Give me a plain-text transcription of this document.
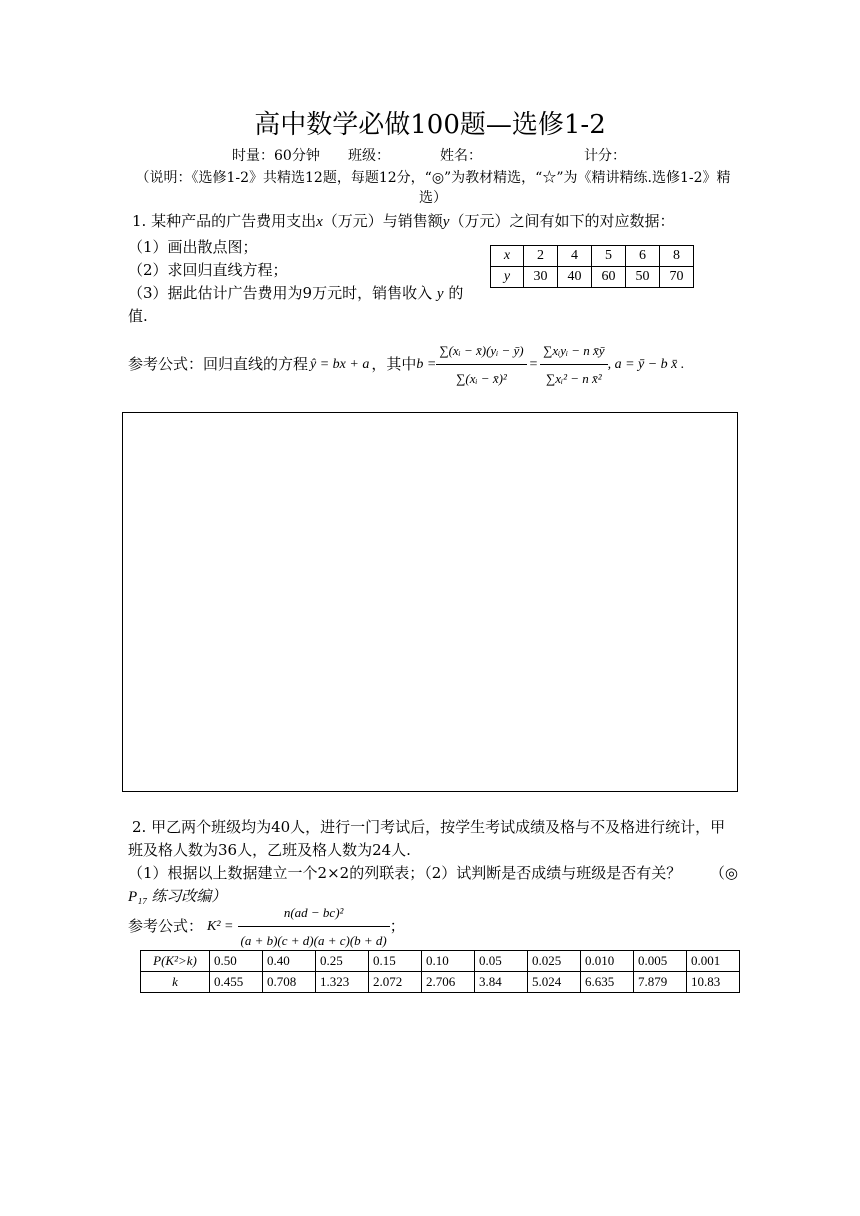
高中数学必做100题—选修1-2
时量：60分钟 班级：	姓名：	计分：
（说明：《选修1-2》共精选12题，每题12分，“◎”为教材精选，“☆”为《精讲精练.选修1-2》精选）
1. 某种产品的广告费用支出x（万元）与销售额y（万元）之间有如下的对应数据：
（1）画出散点图；
（2）求回归直线方程；
（3）据此估计广告费用为9万元时，销售收入 y 的
值.
x	2	4	5	6	8
y	30	40	60	50	70
参考公式：回归直线的方程 ŷ = bx + a ，其中 $b = \frac{\text{∑(xᵢ − x̄)(yᵢ − ȳ)}}{\text{∑(xᵢ − x̄)²}} = \frac{\text{∑xᵢyᵢ − n x̄ȳ}}{\text{∑xᵢ² − n x̄²}}$ , a = ȳ − b x̄ .
2. 甲乙两个班级均为40人，进行一门考试后，按学生考试成绩及格与不及格进行统计，甲
班及格人数为36人，乙班及格人数为24人.
（1）根据以上数据建立一个2×2的列联表；（2）试判断是否成绩与班级是否有关？ （◎
P₁₇ 练习改编）
参考公式： $K^2 = \frac{\text{n(ad − bc)²}}{(a + b)(c + d)(a + c)(b + d)}$ ；
P(K²>k)	0.50	0.40	0.25	0.15	0.10	0.05	0.025	0.010	0.005	0.001
k	0.455	0.708	1.323	2.072	2.706	3.84	5.024	6.635	7.879	10.83
